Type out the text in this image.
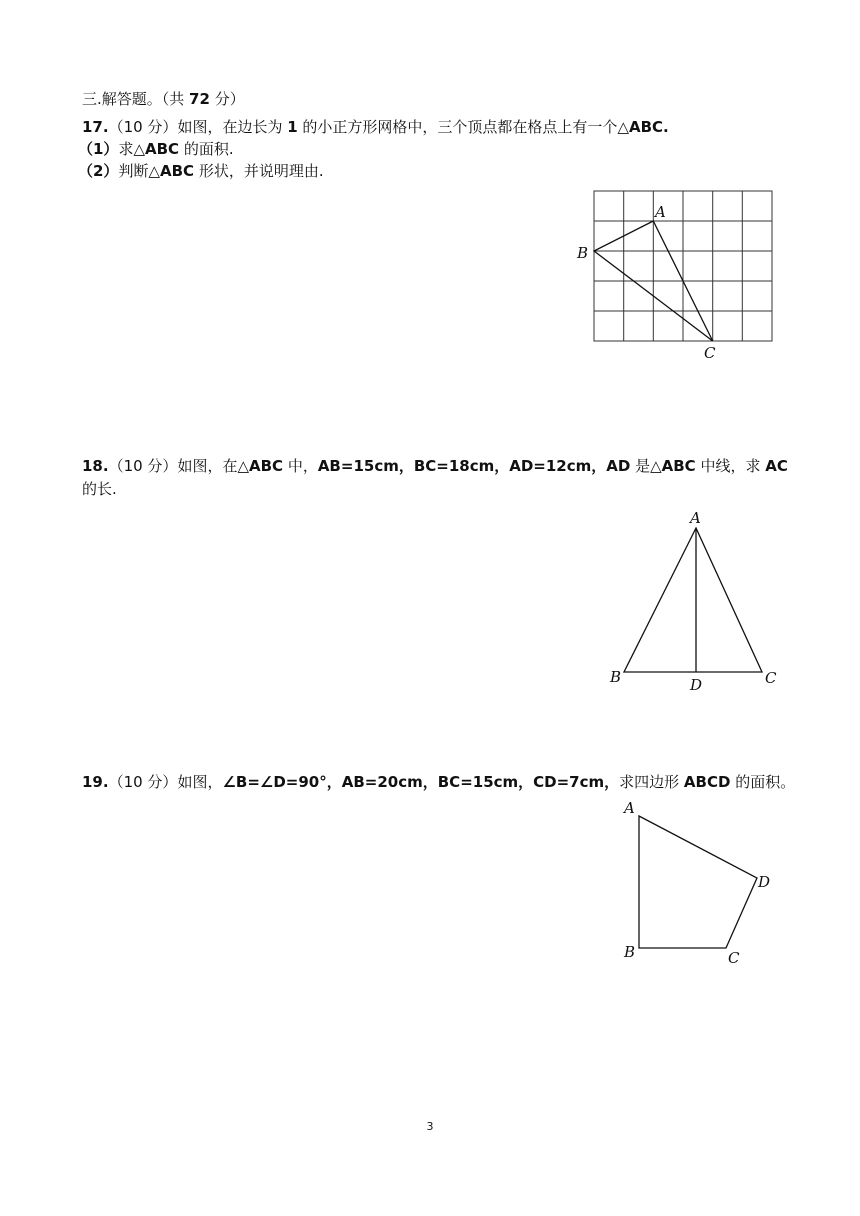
三.解答题。（共 72 分）
17.（10 分）如图，在边长为 1 的小正方形网格中，三个顶点都在格点上有一个△ABC.
（1）求△ABC 的面积.
（2）判断△ABC 形状，并说明理由.
A
B
C
18.（10 分）如图，在△ABC 中，AB=15cm，BC=18cm，AD=12cm，AD 是△ABC 中线，求 AC
的长.
A
B	D	C
19.（10 分）如图，∠B=∠D=90°，AB=20cm，BC=15cm，CD=7cm，求四边形 ABCD 的面积。
A
D
B	C
3
